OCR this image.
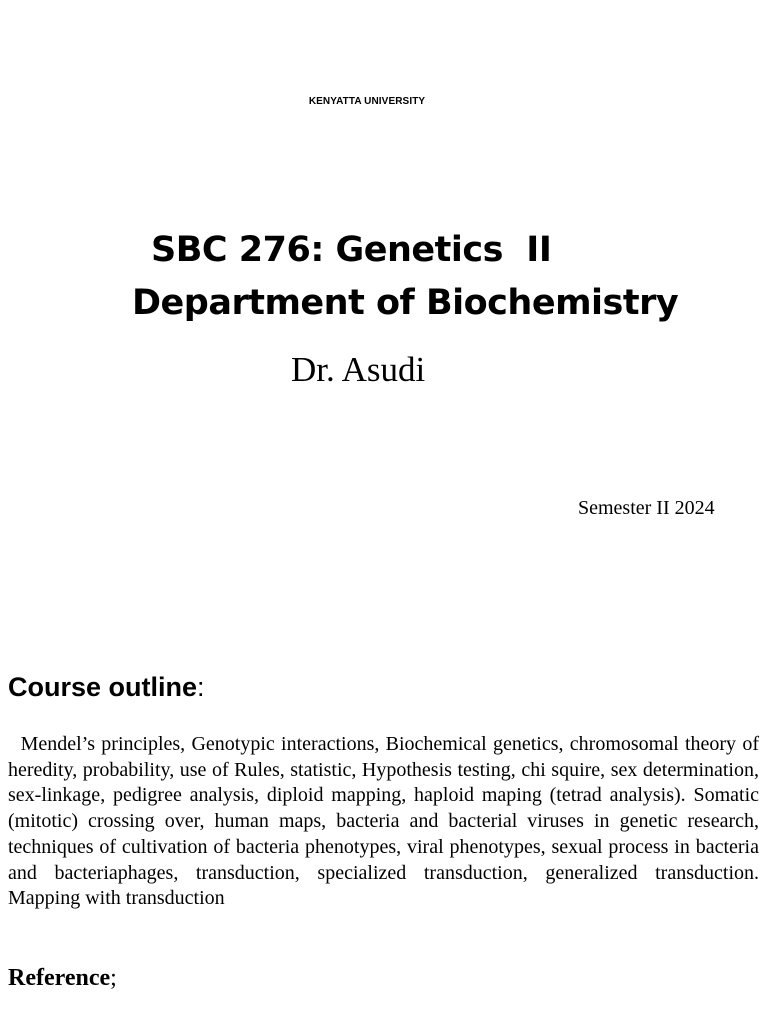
KENYATTA UNIVERSITY
SBC 276: Genetics  II
Department of Biochemistry
Dr. Asudi
Semester II 2024
Course outline:
Mendel’s principles, Genotypic interactions, Biochemical genetics, chromosomal theory of heredity, probability, use of Rules, statistic, Hypothesis testing, chi squire, sex determination, sex-linkage, pedigree analysis, diploid mapping, haploid maping (tetrad analysis). Somatic (mitotic) crossing over, human maps, bacteria and bacterial viruses in genetic research, techniques of cultivation of bacteria phenotypes, viral phenotypes, sexual process in bacteria and bacteriaphages, transduction, specialized transduction, generalized transduction. Mapping with transduction
Reference;
